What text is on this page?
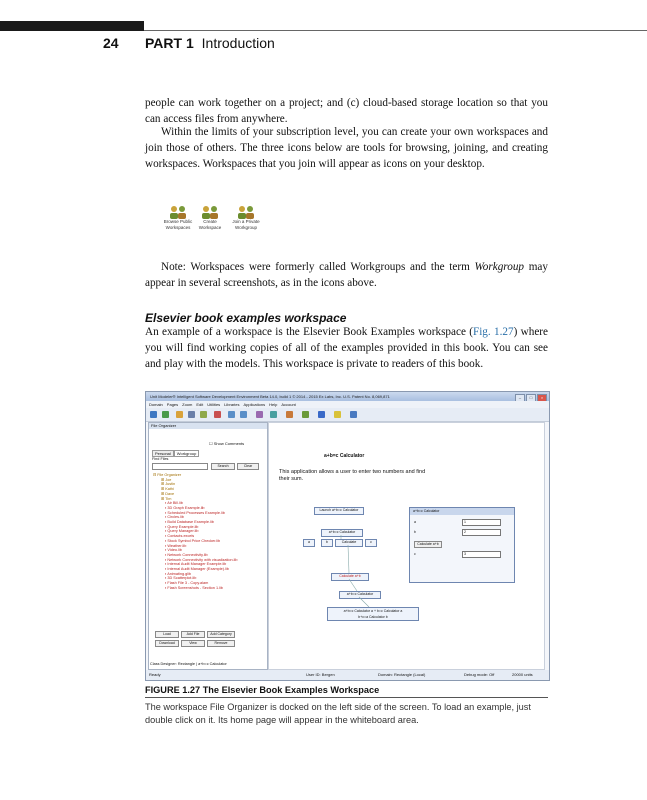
24 PART 1 Introduction

people can work together on a project; and (c) cloud-based storage location so that you can access files from anywhere.

Within the limits of your subscription level, you can create your own workspaces and join those of others. The three icons below are tools for browsing, joining, and creating workspaces. Workspaces that you join will appear as icons on your desktop.

Browse Public Workspaces
Create Workspace
Join a Private Workgroup

Note: Workspaces were formerly called Workgroups and the term Workgroup may appear in several screenshots, as in the icons above.

Elsevier book examples workspace

An example of a workspace is the Elsevier Book Examples workspace (Fig. 1.27) where you will find working copies of all of the examples provided in this book. You can see and play with the models. This workspace is private to readers of this book.

Unit Modeler® Intelligent Software Development Environment Beta 14.0, build 1 © 2014 - 2015 Ex Labs, Inc. U.S. Patent No. 8,069,871	– □ ×
Domain Pages Zoom Edit Utilities Libraries Applications Help Account
File Organizer
☐ Show Comments
Personal Workgroup
Find Files
Search	Clear
⊟ File Organizer
⊞ Joe
⊞ Justin
⊞ Kathi
⊞ Dave
⊞ Tim
▪ Air Bill.lib
▪ 3D Graph Example.lib
▪ Scheduled Processes Example.lib
▪ Circles.lib
▪ Build Database Example.lib
▪ Query Example.lib
▪ Query Manager.lib
▪ Contacts.excels
▪ Stock Symbol Price Checker.lib
▪ Weather.lib
▪ Video.lib
▪ Network Connectivity.lib
▪ Network Connectivity with visualization.lib
▪ Internal Audit Manager Example.lib
▪ Internal Audit Manager (Example).lib
▪ Animating.glib
▪ 3D Scatterplot.lib
▪ Flash File 3 - Copy.alam
▪ Flash Screenshots - Section 1.lib
Load	Add File	Add Category
Download	View	Remove
a+b=c Calculator
This application allows a user to enter two numbers and find their sum.
Launch a+b=c Calculator
a+b=c Calculator
a	b	Calculate	c
Calculate a+b
a+b=c Calculator
a+b=c Calculator a + b=c Calculator a
b+c=a Calculator b
a+b=c Calculator
a	1
b	2
Calculate a+b
c	3
Class Designer: Rectangle | a+b=c Calculator
Ready	User ID: Bergen	Domain: Rectangle (Local)	Debug mode: Off	20000 units
FIGURE 1.27 The Elsevier Book Examples Workspace

The workspace File Organizer is docked on the left side of the screen. To load an example, just double click on it. Its home page will appear in the whiteboard area.
